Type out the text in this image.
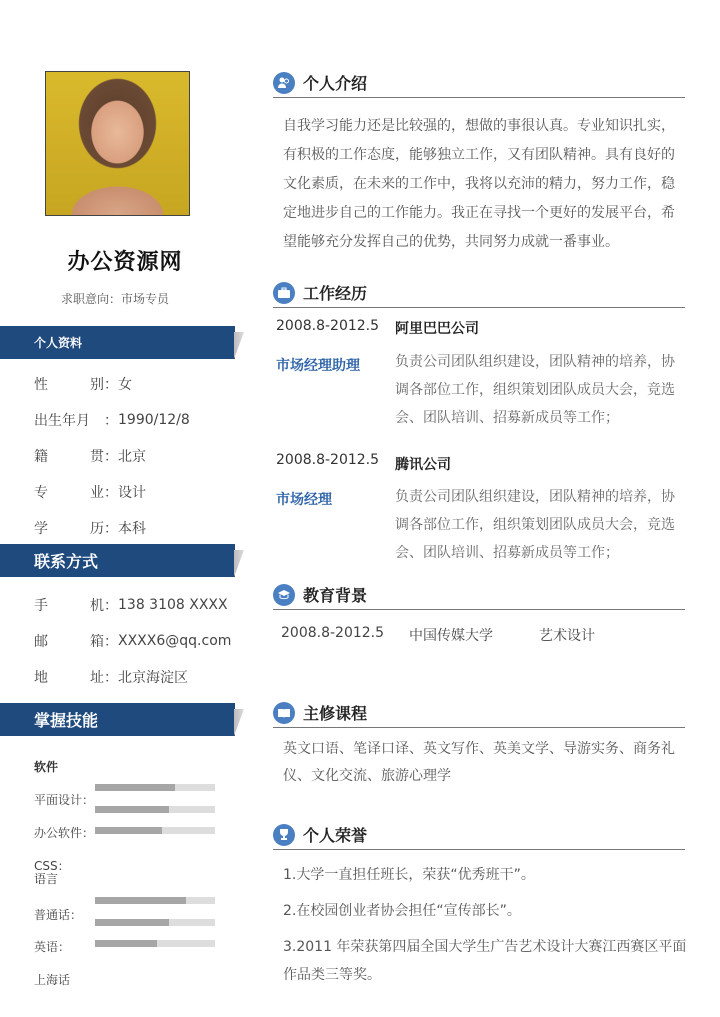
办公资源网
求职意向：市场专员
个人资料
性	别 ： 女
出生年月 ： 1990/12/8
籍	贯 ： 北京
专	业 ： 设计
学	历 ： 本科
联系方式
手	机 ： 138 3108 XXXX
邮	箱 ： XXXX6@qq.com
地	址 ： 北京海淀区
掌握技能
软件
平面设计：
办公软件：
CSS：
语言
普通话：
英语：
上海话
个人介绍
自我学习能力还是比较强的，想做的事很认真。专业知识扎实，有积极的工作态度，能够独立工作，又有团队精神。具有良好的文化素质，在未来的工作中，我将以充沛的精力，努力工作，稳定地进步自己的工作能力。我正在寻找一个更好的发展平台，希望能够充分发挥自己的优势，共同努力成就一番事业。
工作经历
2008.8-2012.5 阿里巴巴公司
市场经理助理	负责公司团队组织建设，团队精神的培养，协调各部位工作，组织策划团队成员大会，竞选会、团队培训、招募新成员等工作；
2008.8-2012.5 腾讯公司
市场经理	负责公司团队组织建设，团队精神的培养，协调各部位工作，组织策划团队成员大会，竞选会、团队培训、招募新成员等工作；
教育背景
2008.8-2012.5	中国传媒大学	艺术设计
主修课程
英文口语、笔译口译、英文写作、英美文学、导游实务、商务礼仪、文化交流、旅游心理学
个人荣誉
1.大学一直担任班长，荣获“优秀班干”。
2.在校园创业者协会担任“宣传部长”。
3.2011 年荣获第四届全国大学生广告艺术设计大赛江西赛区平面作品类三等奖。
